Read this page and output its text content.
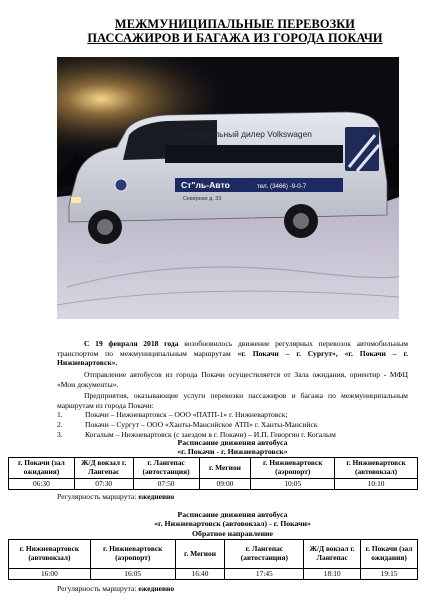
МЕЖМУНИЦИПАЛЬНЫЕ ПЕРЕВОЗКИ
ПАССАЖИРОВ И БАГАЖА ИЗ ГОРОДА ПОКАЧИ
Официальный дилер Volkswagen
Ст"ль-Авто	тел. (3466) -9-0-7
Северная д. 33
С 19 февраля 2018 года возобновилось движение регулярных перевозок автомобильным транспортом по межмуниципальным маршрутам «г. Покачи – г. Сургут», «г. Покачи – г. Нижневартовск».
Отправление автобусов из города Покачи осуществляется от Зала ожидания, ориентир - МФЦ «Мои документы».
Предприятия, оказывающие услуги перевозки пассажиров и багажа по межмуниципальным маршрутам из города Покачи:
1.	Покачи – Нижневартовск – ООО «ПАТП-1» г. Нижневартовск;
2.	Покачи – Сургут – ООО «Ханты-Мансийское АТП» г. Ханты-Мансийск
3.	Когалым – Нижневартовск (с заездом в г. Покачи) – И.П. Геворгян г. Когалым
Расписание движения автобуса
«г. Покачи - г. Нижневартовск»
г. Покачи (зал ожидания)	Ж/Д вокзал г. Лангепас	г. Лангепас (автостанция)	г. Мегион	г. Нижневартовск (аэропорт)	г. Нижневартовск (автовокзал)
06:30	07:30	07:50	09:00	10:05	10:10
Регулярность маршрута: ежедневно
Расписание движения автобуса
«г. Нижневартовск (автовокзал) - г. Покачи»
Обратное направление
г. Нижневартовск (автовокзал)	г. Нижневартовск (аэропорт)	г. Мегион	г. Лангепас (автостанция)	Ж/Д вокзал г. Лангепас	г. Покачи (зал ожидания)
16:00	16:05	16:40	17:45	18:10	19:15
Регулярность маршрута: ежедневно
